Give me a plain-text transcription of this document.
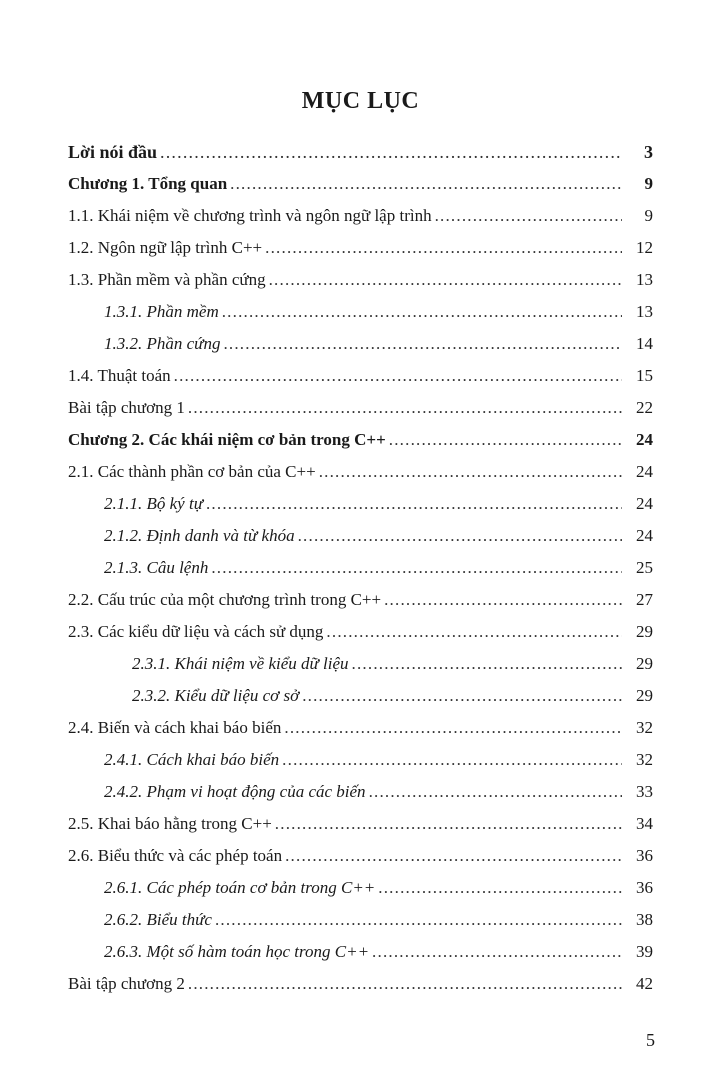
MỤC LỤC
Lời nói đầu .....	3
Chương 1. Tổng quan .....	9
1.1. Khái niệm về chương trình và ngôn ngữ lập trình .....	9
1.2. Ngôn ngữ lập trình C++ .....	12
1.3. Phần mềm và phần cứng .....	13
1.3.1. Phần mềm .....	13
1.3.2. Phần cứng .....	14
1.4. Thuật toán .....	15
Bài tập chương 1 .....	22
Chương 2. Các khái niệm cơ bản trong C++ .....	24
2.1. Các thành phần cơ bản của C++ .....	24
2.1.1. Bộ ký tự .....	24
2.1.2. Định danh và từ khóa .....	24
2.1.3. Câu lệnh .....	25
2.2. Cấu trúc của một chương trình trong C++ .....	27
2.3. Các kiểu dữ liệu và cách sử dụng .....	29
2.3.1. Khái niệm về kiểu dữ liệu .....	29
2.3.2. Kiểu dữ liệu cơ sở .....	29
2.4. Biến và cách khai báo biến .....	32
2.4.1. Cách khai báo biến .....	32
2.4.2. Phạm vi hoạt động của các biến .....	33
2.5. Khai báo hằng trong C++ .....	34
2.6. Biểu thức và các phép toán .....	36
2.6.1. Các phép toán cơ bản trong C++ .....	36
2.6.2. Biểu thức .....	38
2.6.3. Một số hàm toán học trong C++ .....	39
Bài tập chương 2 .....	42
5
